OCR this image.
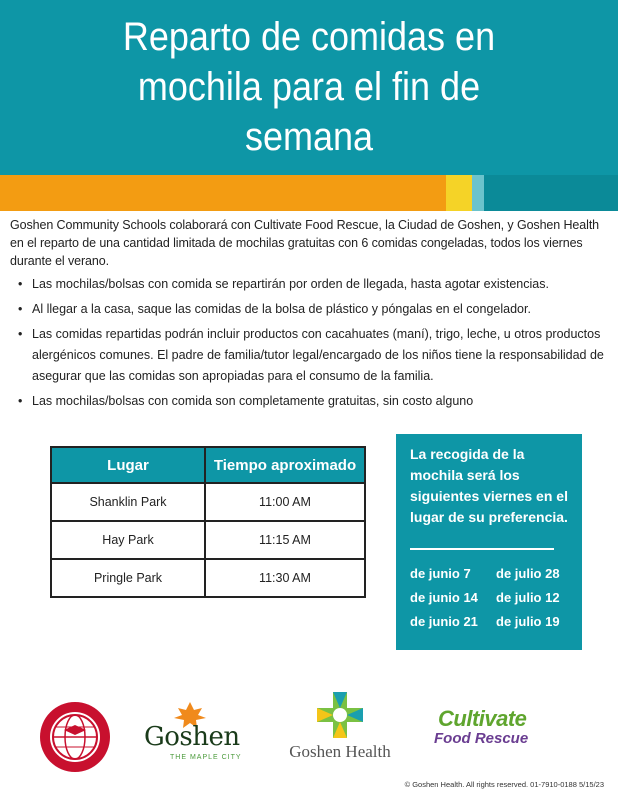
Reparto de comidas en
mochila para el fin de
semana

Goshen Community Schools colaborará con Cultivate Food Rescue, la Ciudad de Goshen, y Goshen Health en el reparto de una cantidad limitada de mochilas gratuitas con 6 comidas congeladas, todos los viernes durante el verano.

• Las mochilas/bolsas con comida se repartirán por orden de llegada, hasta agotar existencias.
• Al llegar a la casa, saque las comidas de la bolsa de plástico y póngalas en el congelador.
• Las comidas repartidas podrán incluir productos con cacahuates (maní), trigo, leche, u otros productos alergénicos comunes. El padre de familia/tutor legal/encargado de los niños tiene la responsabilidad de asegurar que las comidas son apropiadas para el consumo de la familia.
• Las mochilas/bolsas con comida son completamente gratuitas, sin costo alguno
Lugar	Tiempo aproximado
Shanklin Park	11:00 AM
Hay Park	11:15 AM
Pringle Park	11:30 AM
La recogida de la mochila será los siguientes viernes en el lugar de su preferencia.
de junio 7 de julio 28
de junio 14 de julio 12
de junio 21 de julio 19
Goshen
THE MAPLE CITY	Goshen Health
Cultivate
Food Rescue
© Goshen Health. All rights reserved. 01-7910-0188 5/15/23
